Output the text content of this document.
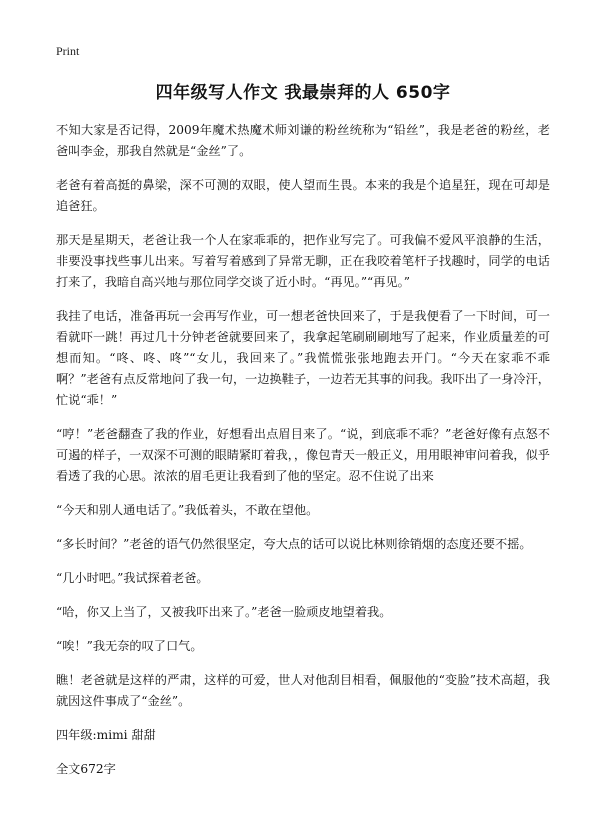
Print
四年级写人作文 我最崇拜的人 650字
不知大家是否记得，2009年魔术热魔术师刘谦的粉丝统称为“铅丝”，我是老爸的粉丝，老爸叫李金，那我自然就是“金丝”了。
老爸有着高挺的鼻梁，深不可测的双眼，使人望而生畏。本来的我是个追星狂，现在可却是追爸狂。
那天是星期天，老爸让我一个人在家乖乖的，把作业写完了。可我偏不爱风平浪静的生活，非要没事找些事儿出来。写着写着感到了异常无聊，正在我咬着笔杆子找趣时，同学的电话打来了，我暗自高兴地与那位同学交谈了近小时。“再见。”“再见。”
我挂了电话，准备再玩一会再写作业，可一想老爸快回来了，于是我便看了一下时间，可一看就吓一跳！再过几十分钟老爸就要回来了，我拿起笔刷刷刷地写了起来，作业质量差的可想而知。“咚、咚、咚”“女儿，我回来了。”我慌慌张张地跑去开门。“今天在家乖不乖啊？”老爸有点反常地问了我一句，一边换鞋子，一边若无其事的问我。我吓出了一身冷汗，忙说“乖！”
“哼！”老爸翻查了我的作业，好想看出点眉目来了。“说，到底乖不乖？”老爸好像有点怒不可遏的样子，一双深不可测的眼睛紧盯着我，，像包青天一般正义，用用眼神审问着我，似乎看透了我的心思。浓浓的眉毛更让我看到了他的坚定。忍不住说了出来
“今天和别人通电话了。”我低着头，不敢在望他。
“多长时间？”老爸的语气仍然很坚定，夸大点的话可以说比林则徐销烟的态度还要不摇。
“几小时吧。”我试探着老爸。
“哈，你又上当了，又被我吓出来了。”老爸一脸顽皮地望着我。
“唉！”我无奈的叹了口气。
瞧！老爸就是这样的严肃，这样的可爱，世人对他刮目相看，佩服他的“变脸”技术高超，我就因这件事成了“金丝”。
四年级:mimi 甜甜
全文672字
